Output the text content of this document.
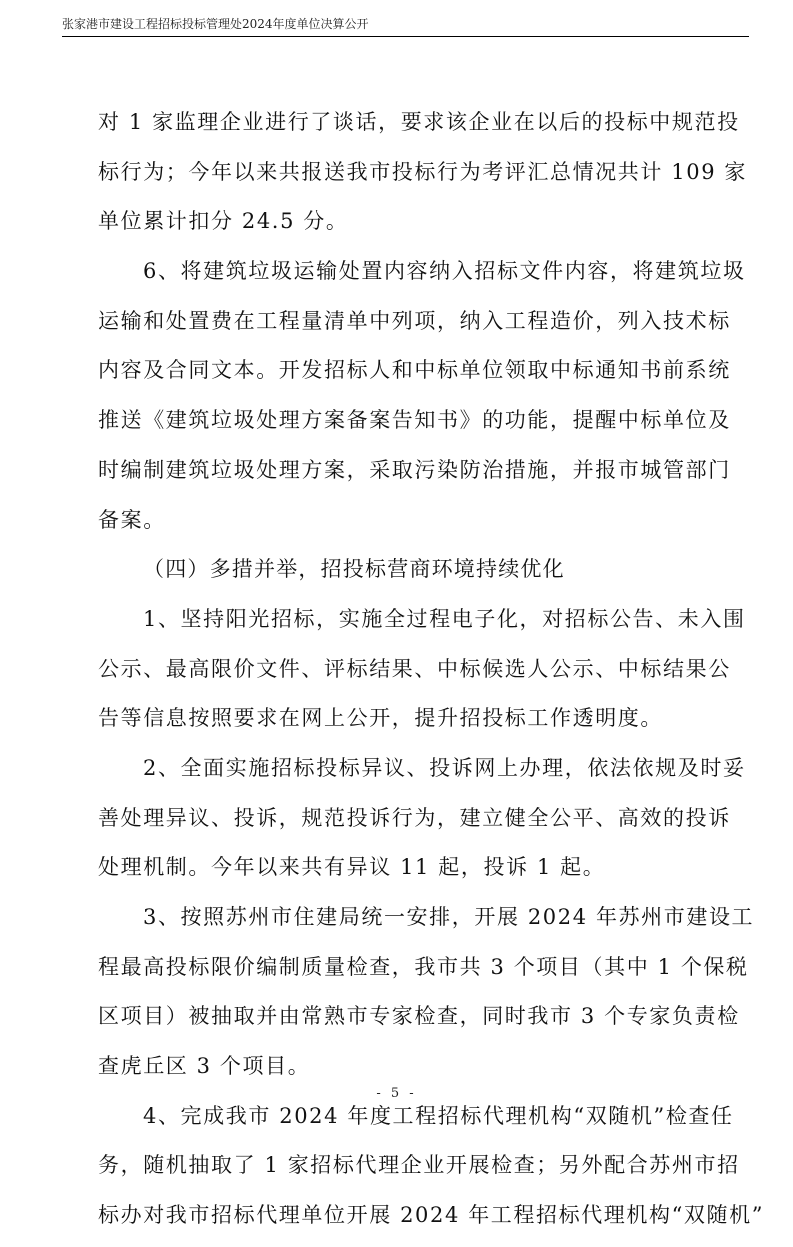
张家港市建设工程招标投标管理处2024年度单位决算公开
对 1 家监理企业进行了谈话，要求该企业在以后的投标中规范投
标行为；今年以来共报送我市投标行为考评汇总情况共计 109 家
单位累计扣分 24.5 分。
6、将建筑垃圾运输处置内容纳入招标文件内容，将建筑垃圾
运输和处置费在工程量清单中列项，纳入工程造价，列入技术标
内容及合同文本。开发招标人和中标单位领取中标通知书前系统
推送《建筑垃圾处理方案备案告知书》的功能，提醒中标单位及
时编制建筑垃圾处理方案，采取污染防治措施，并报市城管部门
备案。
（四）多措并举，招投标营商环境持续优化
1、坚持阳光招标，实施全过程电子化，对招标公告、未入围
公示、最高限价文件、评标结果、中标候选人公示、中标结果公
告等信息按照要求在网上公开，提升招投标工作透明度。
2、全面实施招标投标异议、投诉网上办理，依法依规及时妥
善处理异议、投诉，规范投诉行为，建立健全公平、高效的投诉
处理机制。今年以来共有异议 11 起，投诉 1 起。
3、按照苏州市住建局统一安排，开展 2024 年苏州市建设工
程最高投标限价编制质量检查，我市共 3 个项目（其中 1 个保税
区项目）被抽取并由常熟市专家检查，同时我市 3 个专家负责检
查虎丘区 3 个项目。
4、完成我市 2024 年度工程招标代理机构“双随机”检查任
务，随机抽取了 1 家招标代理企业开展检查；另外配合苏州市招
标办对我市招标代理单位开展 2024 年工程招标代理机构“双随机”
- 5 -
